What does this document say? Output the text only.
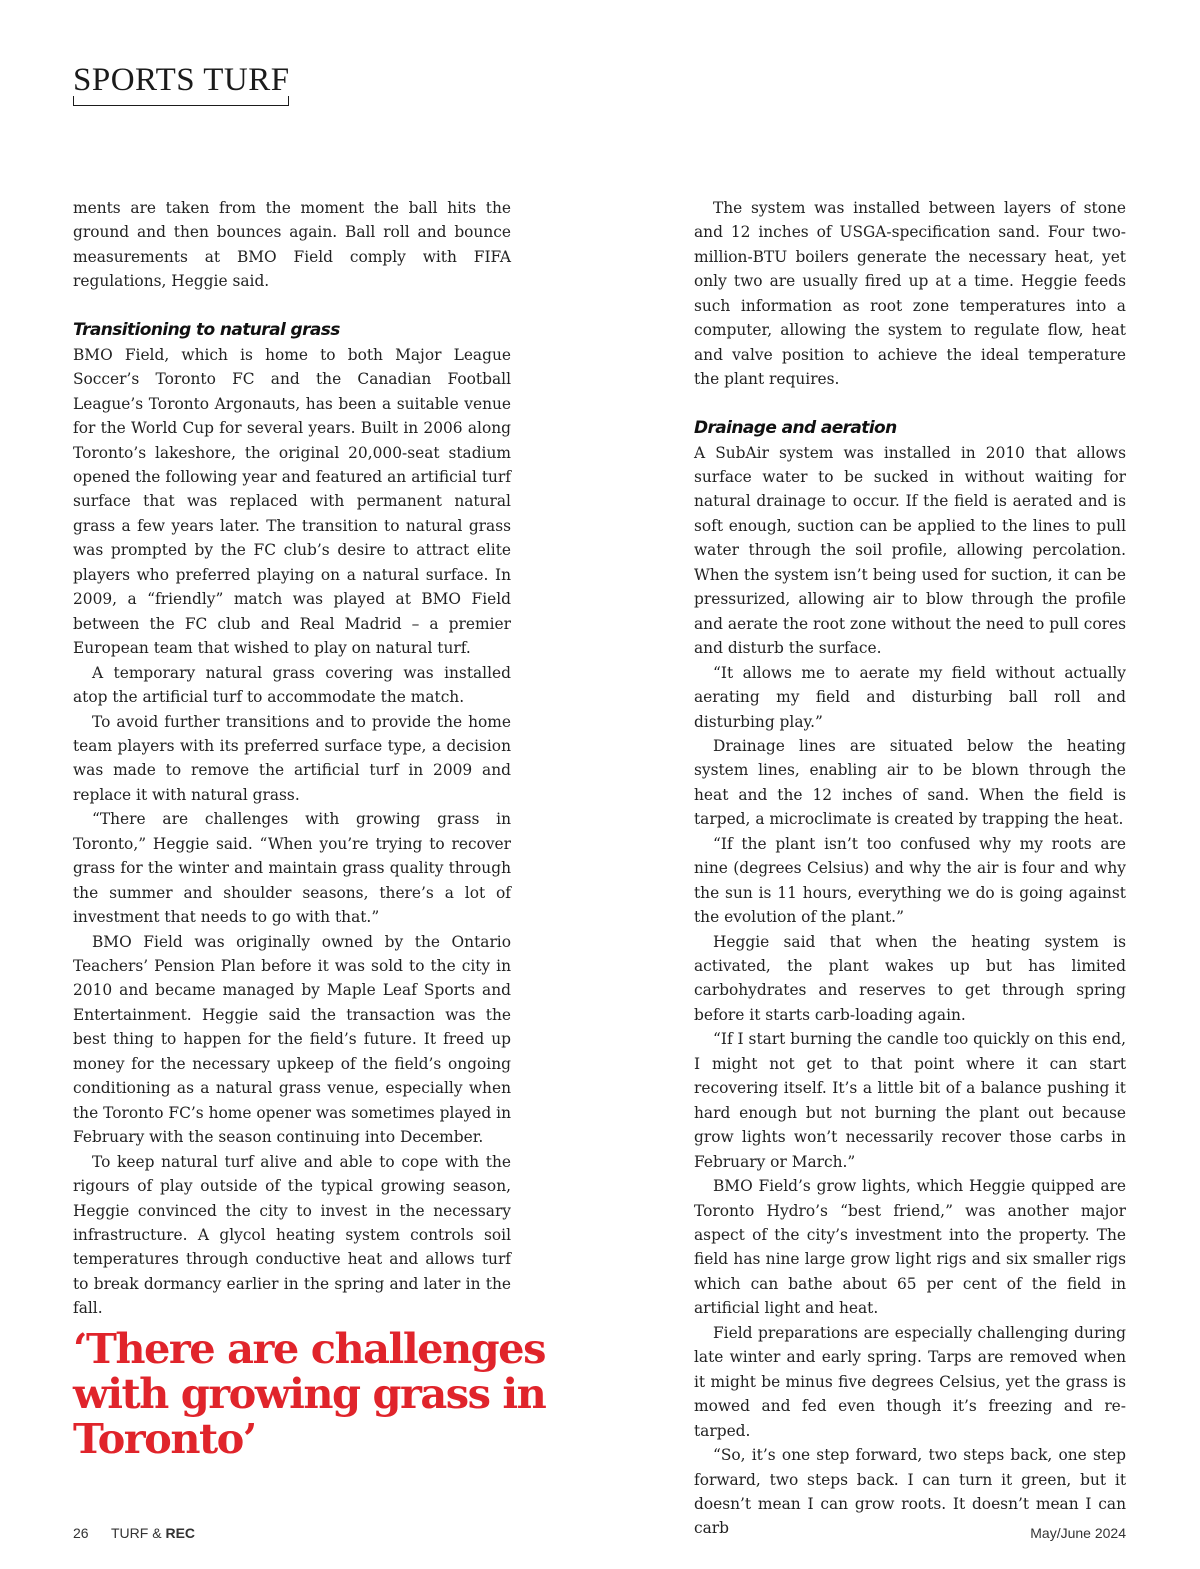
SPORTS TURF

ments are taken from the moment the ball hits the ground and then bounces again. Ball roll and bounce measurements at BMO Field comply with FIFA regulations, Heggie said.

Transitioning to natural grass

BMO Field, which is home to both Major League Soccer’s Toronto FC and the Canadian Football League’s Toronto Argonauts, has been a suitable venue for the World Cup for several years. Built in 2006 along Toronto’s lakeshore, the original 20,000-seat stadium opened the following year and featured an artificial turf surface that was replaced with permanent natural grass a few years later. The transition to natural grass was prompted by the FC club’s desire to attract elite players who preferred playing on a natural surface. In 2009, a “friendly” match was played at BMO Field between the FC club and Real Madrid – a premier European team that wished to play on natural turf.

A temporary natural grass covering was installed atop the artificial turf to accommodate the match.

To avoid further transitions and to provide the home team players with its preferred surface type, a decision was made to remove the artificial turf in 2009 and replace it with natural grass.

“There are challenges with growing grass in Toronto,” Heggie said. “When you’re trying to recover grass for the winter and maintain grass quality through the summer and shoulder seasons, there’s a lot of investment that needs to go with that.”

BMO Field was originally owned by the Ontario Teachers’ Pension Plan before it was sold to the city in 2010 and became managed by Maple Leaf Sports and Entertainment. Heggie said the transaction was the best thing to happen for the field’s future. It freed up money for the necessary upkeep of the field’s ongoing conditioning as a natural grass venue, especially when the Toronto FC’s home opener was sometimes played in February with the season continuing into December.

To keep natural turf alive and able to cope with the rigours of play outside of the typical growing season, Heggie convinced the city to invest in the necessary infrastructure. A glycol heating system controls soil temperatures through conductive heat and allows turf to break dormancy earlier in the spring and later in the fall.

‘There are challenges with growing grass in Toronto’

The system was installed between layers of stone and 12 inches of USGA-specification sand. Four two-million-BTU boilers generate the necessary heat, yet only two are usually fired up at a time. Heggie feeds such information as root zone temperatures into a computer, allowing the system to regulate flow, heat and valve position to achieve the ideal temperature the plant requires.

Drainage and aeration

A SubAir system was installed in 2010 that allows surface water to be sucked in without waiting for natural drainage to occur. If the field is aerated and is soft enough, suction can be applied to the lines to pull water through the soil profile, allowing percolation. When the system isn’t being used for suction, it can be pressurized, allowing air to blow through the profile and aerate the root zone without the need to pull cores and disturb the surface.

“It allows me to aerate my field without actually aerating my field and disturbing ball roll and disturbing play.”

Drainage lines are situated below the heating system lines, enabling air to be blown through the heat and the 12 inches of sand. When the field is tarped, a microclimate is created by trapping the heat.

“If the plant isn’t too confused why my roots are nine (degrees Celsius) and why the air is four and why the sun is 11 hours, everything we do is going against the evolution of the plant.”

Heggie said that when the heating system is activated, the plant wakes up but has limited carbohydrates and reserves to get through spring before it starts carb-loading again.

“If I start burning the candle too quickly on this end, I might not get to that point where it can start recovering itself. It’s a little bit of a balance pushing it hard enough but not burning the plant out because grow lights won’t necessarily recover those carbs in February or March.”

BMO Field’s grow lights, which Heggie quipped are Toronto Hydro’s “best friend,” was another major aspect of the city’s investment into the property. The field has nine large grow light rigs and six smaller rigs which can bathe about 65 per cent of the field in artificial light and heat.

Field preparations are especially challenging during late winter and early spring. Tarps are removed when it might be minus five degrees Celsius, yet the grass is mowed and fed even though it’s freezing and re-tarped.

“So, it’s one step forward, two steps back, one step forward, two steps back. I can turn it green, but it doesn’t mean I can grow roots. It doesn’t mean I can carb

26 TURF & REC	May/June 2024
